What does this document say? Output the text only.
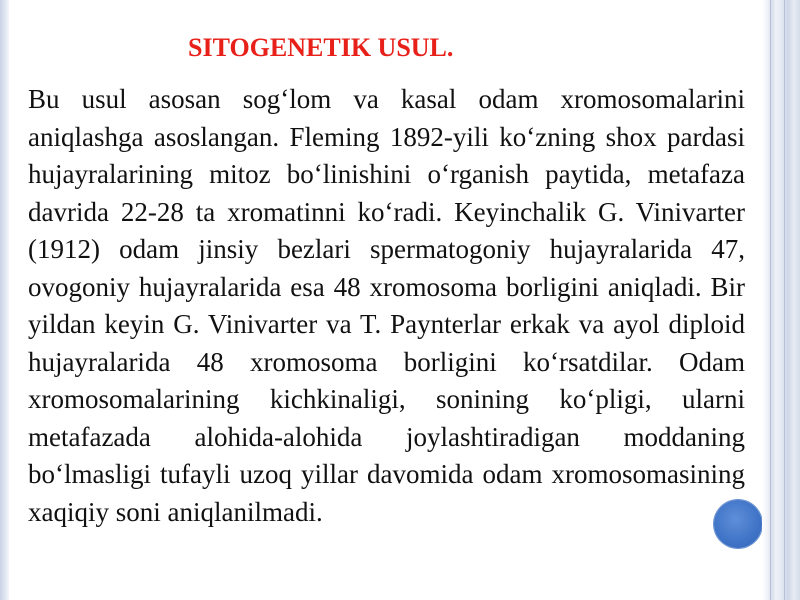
SITOGENETIK USUL.
Bu usul asosan sog‘lom va kasal odam xromosomalarini aniqlashga asoslangan. Fleming 1892-yili ko‘zning shox pardasi hujayralarining mitoz bo‘linishini o‘rganish paytida, metafaza davrida 22-28 ta xromatinni ko‘radi. Keyinchalik G. Vinivarter (1912) odam jinsiy bezlari spermatogoniy hujayralarida 47, ovogoniy hujayralarida esa 48 xromosoma borligini aniqladi. Bir yildan keyin G. Vinivarter va T. Paynterlar erkak va ayol diploid hujayralarida 48 xromosoma borligini ko‘rsatdilar. Odam xromosomalarining kichkinaligi, sonining ko‘pligi, ularni metafazada alohida-alohida joylashtiradigan moddaning bo‘lmasligi tufayli uzoq yillar davomida odam xromosomasining xaqiqiy soni aniqlanilmadi.
